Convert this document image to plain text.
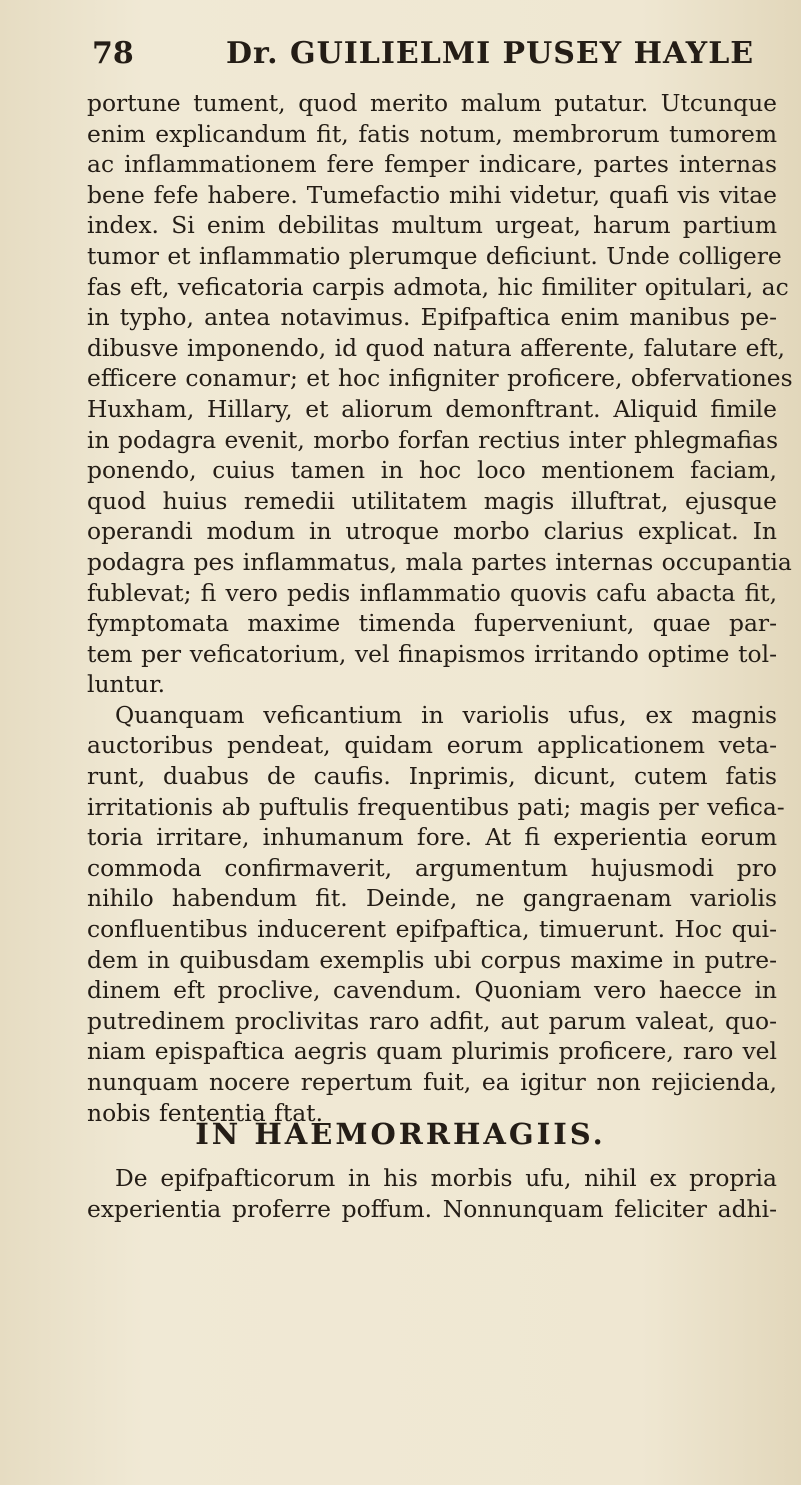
78	Dr. GUILIELMI PUSEY HAYLE
portune tument, quod merito malum putatur. Utcunque
enim explicandum fit, fatis notum, membrorum tumorem
ac inflammationem fere femper indicare, partes internas
bene fefe habere. Tumefactio mihi videtur, quafi vis vitae
index. Si enim debilitas multum urgeat, harum partium
tumor et inflammatio plerumque deficiunt. Unde colligere
fas eft, veficatoria carpis admota, hic fimiliter opitulari, ac
in typho, antea notavimus. Epifpaftica enim manibus pe-
dibusve imponendo, id quod natura afferente, falutare eft,
efficere conamur; et hoc infigniter proficere, obfervationes
Huxham, Hillary, et aliorum demonftrant. Aliquid fimile
in podagra evenit, morbo forfan rectius inter phlegmafias
ponendo, cuius tamen in hoc loco mentionem faciam,
quod huius remedii utilitatem magis illuftrat, ejusque
operandi modum in utroque morbo clarius explicat. In
podagra pes inflammatus, mala partes internas occupantia
fublevat; fi vero pedis inflammatio quovis cafu abacta fit,
fymptomata maxime timenda fuperveniunt, quae par-
tem per veficatorium, vel finapismos irritando optime tol-
luntur.
Quanquam veficantium in variolis ufus, ex magnis
auctoribus pendeat, quidam eorum applicationem veta-
runt, duabus de caufis. Inprimis, dicunt, cutem fatis
irritationis ab puftulis frequentibus pati; magis per vefica-
toria irritare, inhumanum fore. At fi experientia eorum
commoda confirmaverit, argumentum hujusmodi pro
nihilo habendum fit. Deinde, ne gangraenam variolis
confluentibus inducerent epifpaftica, timuerunt. Hoc qui-
dem in quibusdam exemplis ubi corpus maxime in putre-
dinem eft proclive, cavendum. Quoniam vero haecce in
putredinem proclivitas raro adfit, aut parum valeat, quo-
niam epispaftica aegris quam plurimis proficere, raro vel
nunquam nocere repertum fuit, ea igitur non rejicienda,
nobis fententia ftat.
IN HAEMORRHAGIIS.
De epifpafticorum in his morbis ufu, nihil ex propria
experientia proferre poffum. Nonnunquam feliciter adhi-
